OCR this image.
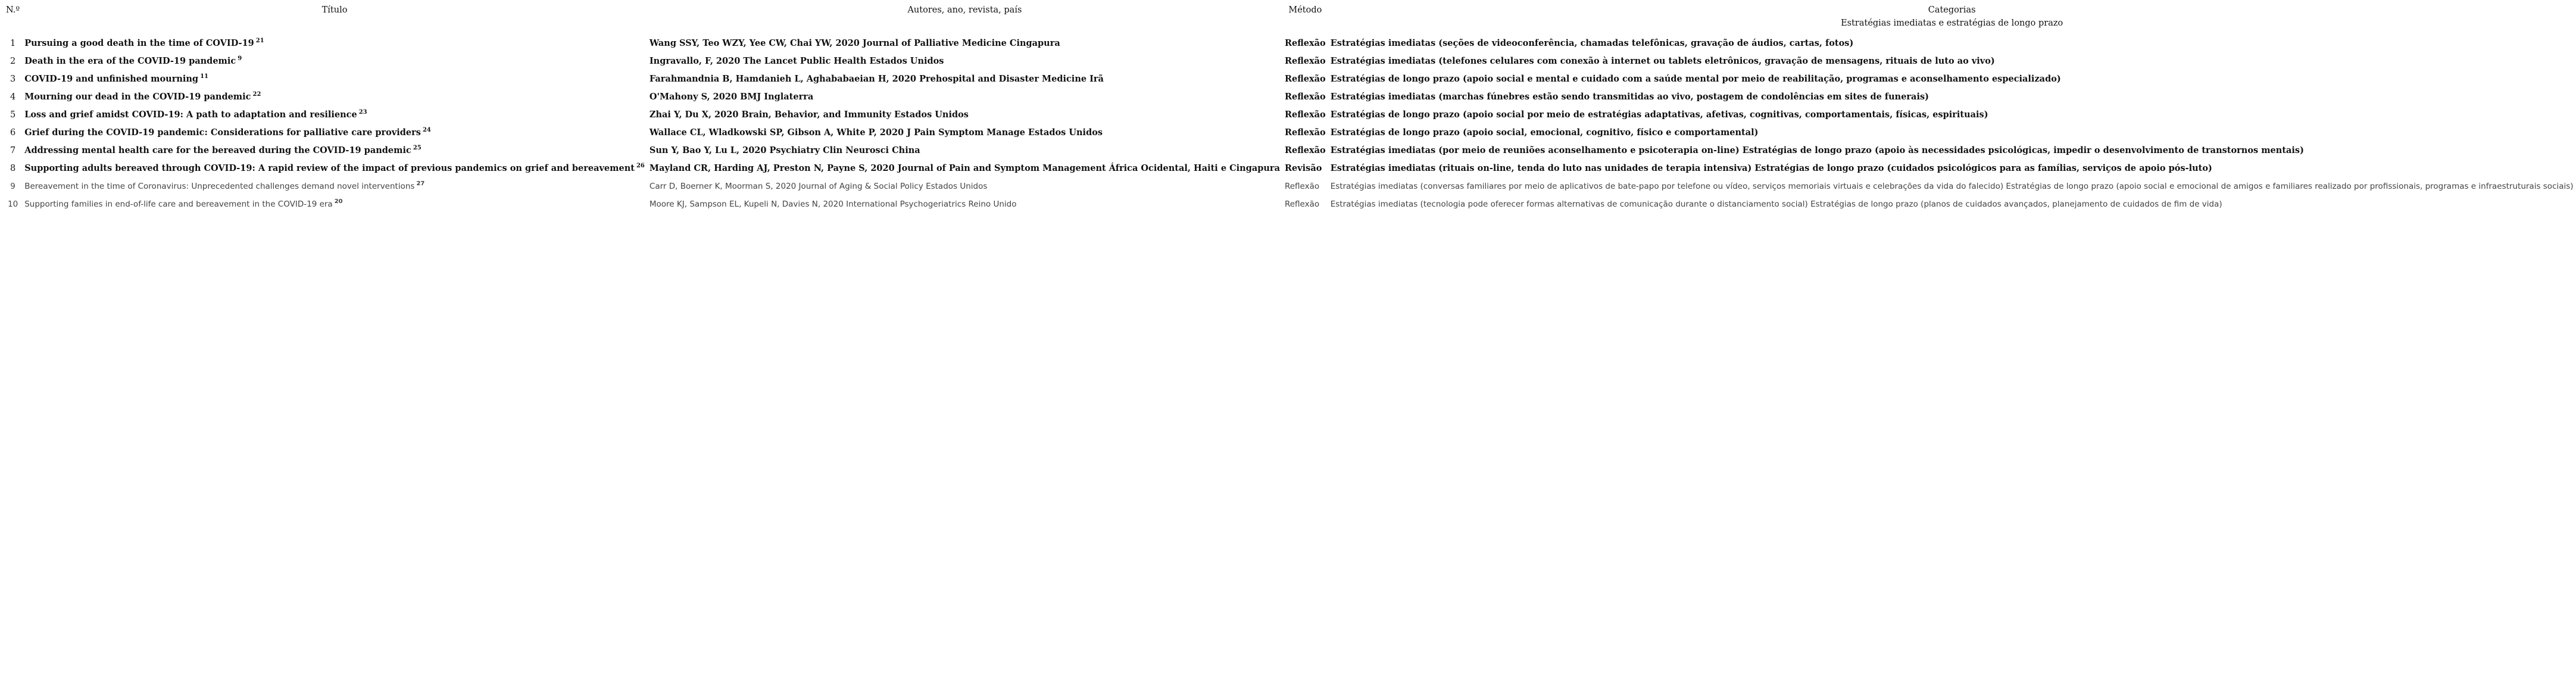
N.º	Título	Autores, ano, revista, país	Método	Categorias
				Estratégias imediatas e estratégias de longo prazo
1	Pursuing a good death in the time of COVID-19 $^{21}$	Wang SSY, Teo WZY, Yee CW, Chai YW, 2020 Journal of Palliative Medicine Cingapura	Reflexão	Estratégias imediatas (seções de videoconferência, chamadas telefônicas, gravação de áudios, cartas, fotos)
2	Death in the era of the COVID-19 pandemic $^9$	Ingravallo, F, 2020 The Lancet Public Health Estados Unidos	Reflexão	Estratégias imediatas (telefones celulares com conexão à internet ou tablets eletrônicos, gravação de mensagens, rituais de luto ao vivo)
3	COVID-19 and unfinished mourning $^{11}$	Farahmandnia B, Hamdanieh L, Aghababaeian H, 2020 Prehospital and Disaster Medicine Irã	Reflexão	Estratégias de longo prazo (apoio social e mental e cuidado com a saúde mental por meio de reabilitação, programas e aconselhamento especializado)
4	Mourning our dead in the COVID-19 pandemic $^{22}$	O'Mahony S, 2020 BMJ Inglaterra	Reflexão	Estratégias imediatas (marchas fúnebres estão sendo transmitidas ao vivo, postagem de condolências em sites de funerais)
5	Loss and grief amidst COVID-19: A path to adaptation and resilience $^{23}$	Zhai Y, Du X, 2020 Brain, Behavior, and Immunity Estados Unidos	Reflexão	Estratégias de longo prazo (apoio social por meio de estratégias adaptativas, afetivas, cognitivas, comportamentais, físicas, espirituais)
6	Grief during the COVID-19 pandemic: Considerations for palliative care providers $^{24}$	Wallace CL, Wladkowski SP, Gibson A, White P, 2020 J Pain Symptom Manage Estados Unidos	Reflexão	Estratégias de longo prazo (apoio social, emocional, cognitivo, físico e comportamental)
7	Addressing mental health care for the bereaved during the COVID-19 pandemic $^{25}$	Sun Y, Bao Y, Lu L, 2020 Psychiatry Clin Neurosci China	Reflexão	Estratégias imediatas (por meio de reuniões aconselhamento e psicoterapia on-line) Estratégias de longo prazo (apoio às necessidades psicológicas, impedir o desenvolvimento de transtornos mentais)
8	Supporting adults bereaved through COVID-19: A rapid review of the impact of previous pandemics on grief and bereavement $^{26}$	Mayland CR, Harding AJ, Preston N, Payne S, 2020 Journal of Pain and Symptom Management África Ocidental, Haiti e Cingapura	Revisão	Estratégias imediatas (rituais on-line, tenda do luto nas unidades de terapia intensiva) Estratégias de longo prazo (cuidados psicológicos para as famílias, serviços de apoio pós-luto)
9	Bereavement in the time of Coronavirus: Unprecedented challenges demand novel interventions $^{27}$	Carr D, Boerner K, Moorman S, 2020 Journal of Aging & Social Policy Estados Unidos	Reflexão	Estratégias imediatas (conversas familiares por meio de aplicativos de bate-papo por telefone ou vídeo, serviços memoriais virtuais e celebrações da vida do falecido) Estratégias de longo prazo (apoio social e emocional de amigos e familiares realizado por profissionais, programas e infraestruturais sociais)
10	Supporting families in end-of-life care and bereavement in the COVID-19 era $^{20}$	Moore KJ, Sampson EL, Kupeli N, Davies N, 2020 International Psychogeriatrics Reino Unido	Reflexão	Estratégias imediatas (tecnologia pode oferecer formas alternativas de comunicação durante o distanciamento social) Estratégias de longo prazo (planos de cuidados avançados, planejamento de cuidados de fim de vida)
